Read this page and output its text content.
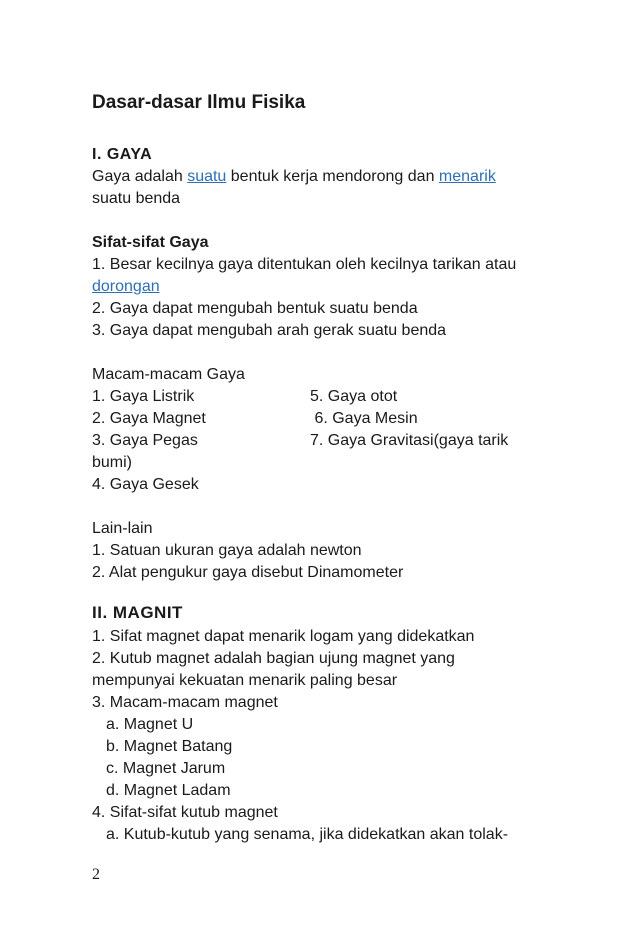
Dasar-dasar Ilmu Fisika
I. GAYA
Gaya adalah suatu bentuk kerja mendorong dan menarik
suatu benda
Sifat-sifat Gaya
1. Besar kecilnya gaya ditentukan oleh kecilnya tarikan atau
dorongan
2. Gaya dapat mengubah bentuk suatu benda
3. Gaya dapat mengubah arah gerak suatu benda
Macam-macam Gaya
1. Gaya Listrik	5. Gaya otot
2. Gaya Magnet	6. Gaya Mesin
3. Gaya Pegas	7. Gaya Gravitasi(gaya tarik
bumi)
4. Gaya Gesek
Lain-lain
1. Satuan ukuran gaya adalah newton
2. Alat pengukur gaya disebut Dinamometer
II. MAGNIT
1. Sifat magnet dapat menarik logam yang didekatkan
2. Kutub magnet adalah bagian ujung magnet yang
mempunyai kekuatan menarik paling besar
3. Macam-macam magnet
a. Magnet U
b. Magnet Batang
c. Magnet Jarum
d. Magnet Ladam
4. Sifat-sifat kutub magnet
a. Kutub-kutub yang senama, jika didekatkan akan tolak-
2
